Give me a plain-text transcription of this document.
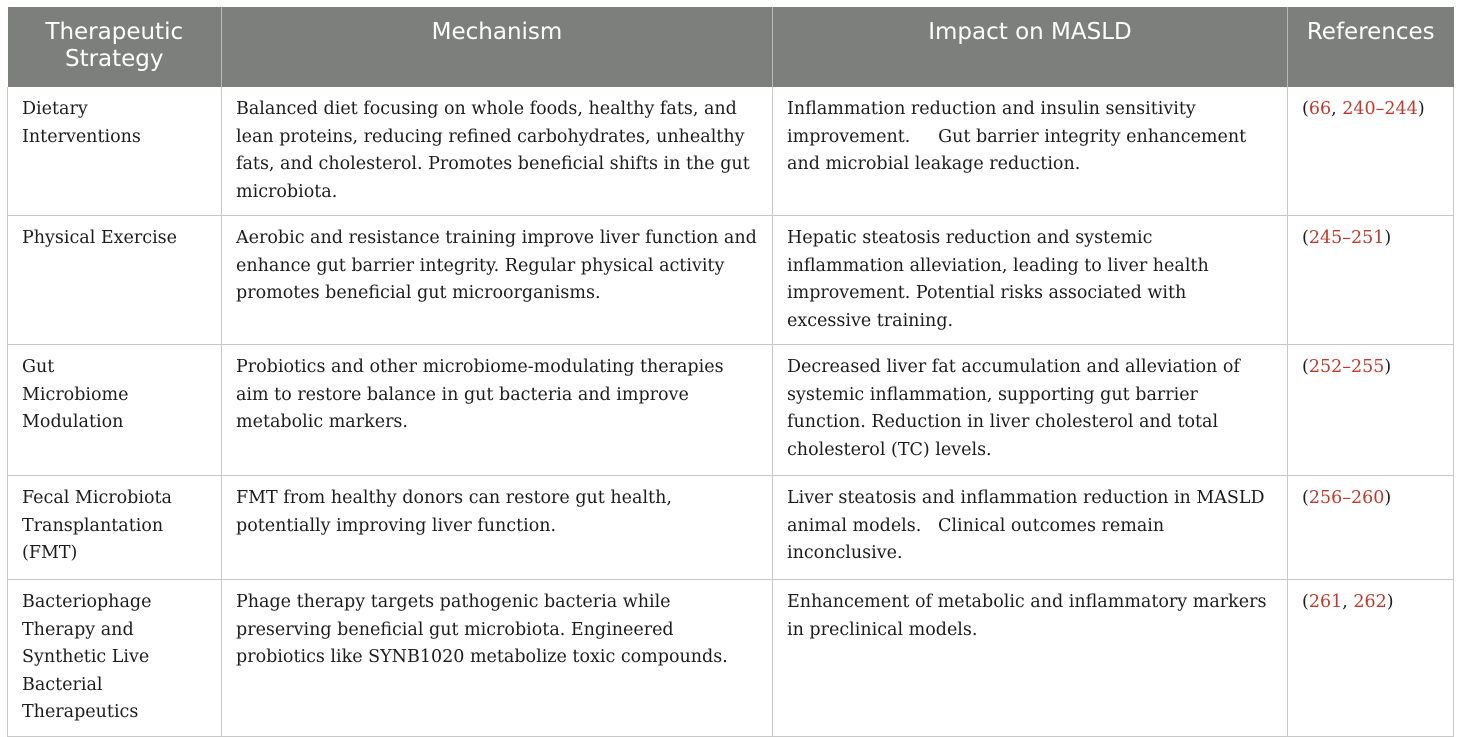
Therapeutic Strategy	Mechanism	Impact on MASLD	References
Dietary Interventions	Balanced diet focusing on whole foods, healthy fats, and lean proteins, reducing refined carbohydrates, unhealthy fats, and cholesterol. Promotes beneficial shifts in the gut microbiota.	Inflammation reduction and insulin sensitivity improvement.     Gut barrier integrity enhancement and microbial leakage reduction.	(66, 240–244)
Physical Exercise	Aerobic and resistance training improve liver function and enhance gut barrier integrity. Regular physical activity promotes beneficial gut microorganisms.	Hepatic steatosis reduction and systemic inflammation alleviation, leading to liver health improvement. Potential risks associated with excessive training.	(245–251)
Gut Microbiome Modulation	Probiotics and other microbiome-modulating therapies aim to restore balance in gut bacteria and improve metabolic markers.	Decreased liver fat accumulation and alleviation of systemic inflammation, supporting gut barrier function. Reduction in liver cholesterol and total cholesterol (TC) levels.	(252–255)
Fecal Microbiota Transplantation (FMT)	FMT from healthy donors can restore gut health, potentially improving liver function.	Liver steatosis and inflammation reduction in MASLD animal models.   Clinical outcomes remain inconclusive.	(256–260)
Bacteriophage Therapy and Synthetic Live Bacterial Therapeutics	Phage therapy targets pathogenic bacteria while preserving beneficial gut microbiota. Engineered probiotics like SYNB1020 metabolize toxic compounds.	Enhancement of metabolic and inflammatory markers in preclinical models.	(261, 262)
